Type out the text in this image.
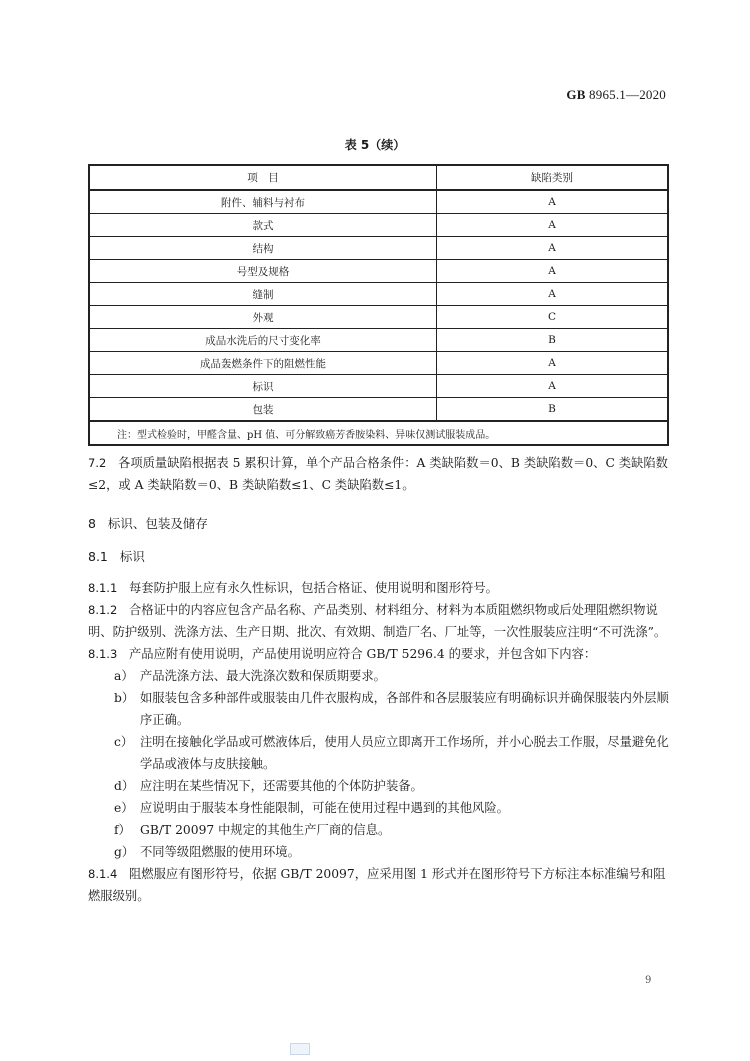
GB 8965.1—2020
表 5（续）
项　目	缺陷类别
附件、辅料与衬布	A
款式	A
结构	A
号型及规格	A
缝制	A
外观	C
成品水洗后的尺寸变化率	B
成品轰燃条件下的阻燃性能	A
标识	A
包装	B
注：型式检验时，甲醛含量、pH 值、可分解致癌芳香胺染料、异味仅测试服装成品。	
7.2 各项质量缺陷根据表 5 累积计算，单个产品合格条件：A 类缺陷数＝0、B 类缺陷数＝0、C 类缺陷数≤2，或 A 类缺陷数＝0、B 类缺陷数≤1、C 类缺陷数≤1。
8 标识、包装及储存
8.1 标识
8.1.1 每套防护服上应有永久性标识，包括合格证、使用说明和图形符号。
8.1.2 合格证中的内容应包含产品名称、产品类别、材料组分、材料为本质阻燃织物或后处理阻燃织物说明、防护级别、洗涤方法、生产日期、批次、有效期、制造厂名、厂址等，一次性服装应注明“不可洗涤”。
8.1.3 产品应附有使用说明，产品使用说明应符合 GB/T 5296.4 的要求，并包含如下内容：
a） 产品洗涤方法、最大洗涤次数和保质期要求。
b） 如服装包含多种部件或服装由几件衣服构成，各部件和各层服装应有明确标识并确保服装内外层顺序正确。
c） 注明在接触化学品或可燃液体后，使用人员应立即离开工作场所，并小心脱去工作服，尽量避免化学品或液体与皮肤接触。
d） 应注明在某些情况下，还需要其他的个体防护装备。
e） 应说明由于服装本身性能限制，可能在使用过程中遇到的其他风险。
f） GB/T 20097 中规定的其他生产厂商的信息。
g） 不同等级阻燃服的使用环境。
8.1.4 阻燃服应有图形符号，依据 GB/T 20097，应采用图 1 形式并在图形符号下方标注本标准编号和阻燃服级别。
9
